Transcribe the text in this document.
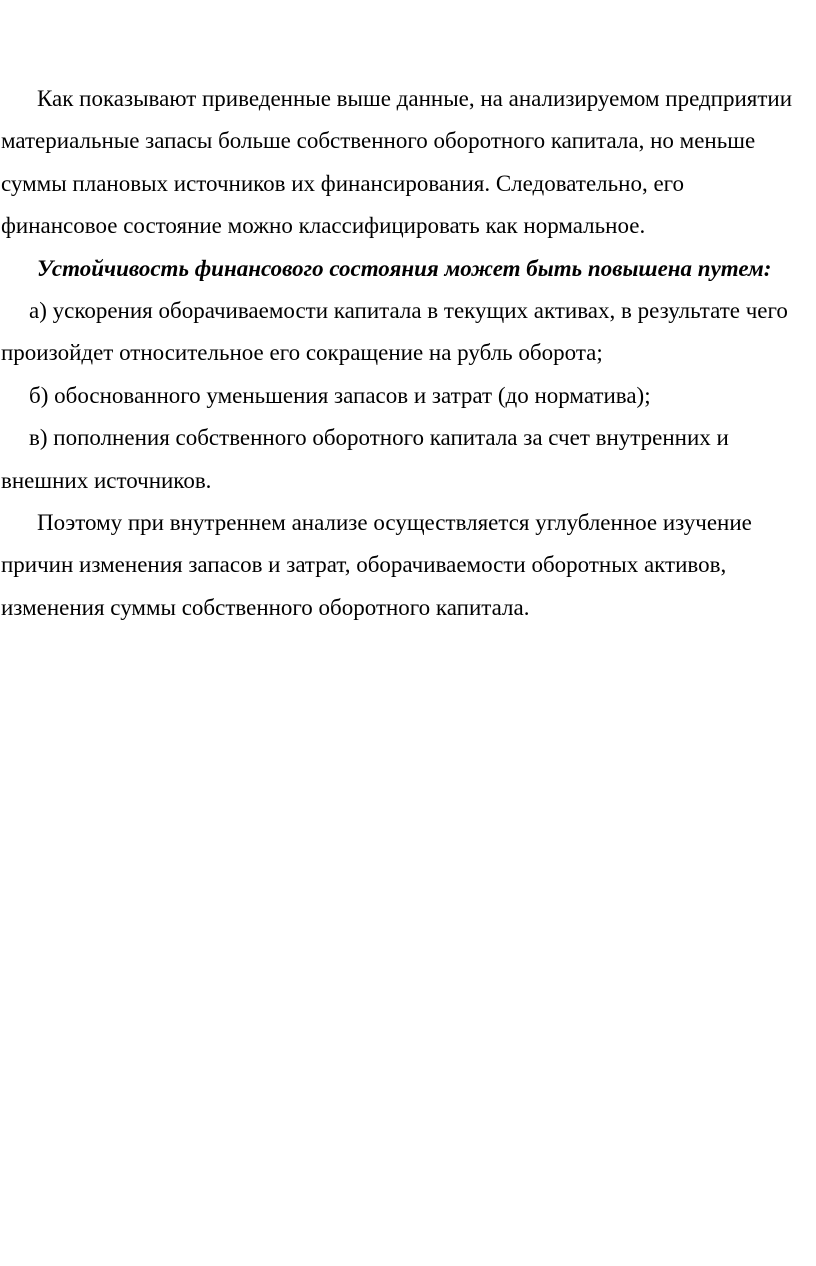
Как показывают приведенные выше данные, на анализируемом предприятии материальные запасы больше собственного оборотного капитала, но меньше суммы плановых источников их финансирования. Следовательно, его финансовое состояние можно классифицировать как нормальное.

Устойчивость финансового состояния может быть повышена путем:

а) ускорения оборачиваемости капитала в текущих активах, в результате чего произойдет относительное его сокращение на рубль оборота;

б) обоснованного уменьшения запасов и затрат (до норматива);

в) пополнения собственного оборотного капитала за счет внутренних и внешних источников.

Поэтому при внутреннем анализе осуществляется углубленное изучение причин изменения запасов и затрат, оборачиваемости оборотных активов, изменения суммы собственного оборотного капитала.
